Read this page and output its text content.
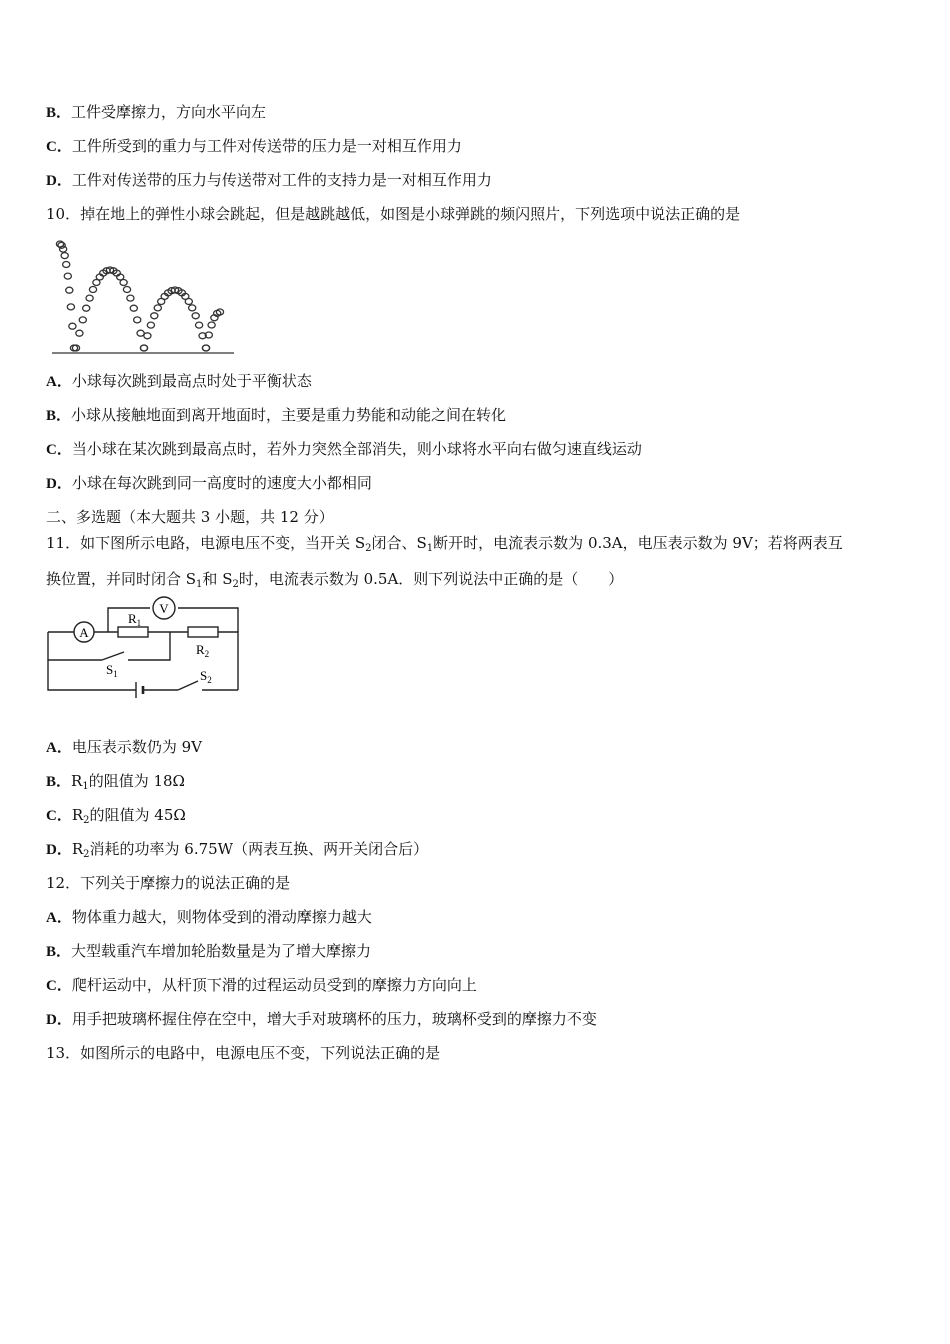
B．工件受摩擦力，方向水平向左
C．工件所受到的重力与工件对传送带的压力是一对相互作用力
D．工件对传送带的压力与传送带对工件的支持力是一对相互作用力
10．掉在地上的弹性小球会跳起，但是越跳越低，如图是小球弹跳的频闪照片，下列选项中说法正确的是
A．小球每次跳到最高点时处于平衡状态
B．小球从接触地面到离开地面时，主要是重力势能和动能之间在转化
C．当小球在某次跳到最高点时，若外力突然全部消失，则小球将水平向右做匀速直线运动
D．小球在每次跳到同一高度时的速度大小都相同
二、多选题（本大题共 3 小题，共 12 分）
11．如下图所示电路，电源电压不变，当开关 $S_2$闭合、$S_1$断开时，电流表示数为 0.3A，电压表示数为 9V；若将两表互
换位置，并同时闭合 $S_1$和 $S_2$时，电流表示数为 0.5A．则下列说法中正确的是（　　）
V
A
$R_1$
$R_2$
$S_1$	$S_2$
A．电压表示数仍为 9V
B．$R_1$的阻值为 18Ω
C．$R_2$的阻值为 45Ω
D．$R_2$消耗的功率为 6.75W（两表互换、两开关闭合后）
12．下列关于摩擦力的说法正确的是
A．物体重力越大，则物体受到的滑动摩擦力越大
B．大型载重汽车增加轮胎数量是为了增大摩擦力
C．爬杆运动中，从杆顶下滑的过程运动员受到的摩擦力方向向上
D．用手把玻璃杯握住停在空中，增大手对玻璃杯的压力，玻璃杯受到的摩擦力不变
13．如图所示的电路中，电源电压不变，下列说法正确的是
